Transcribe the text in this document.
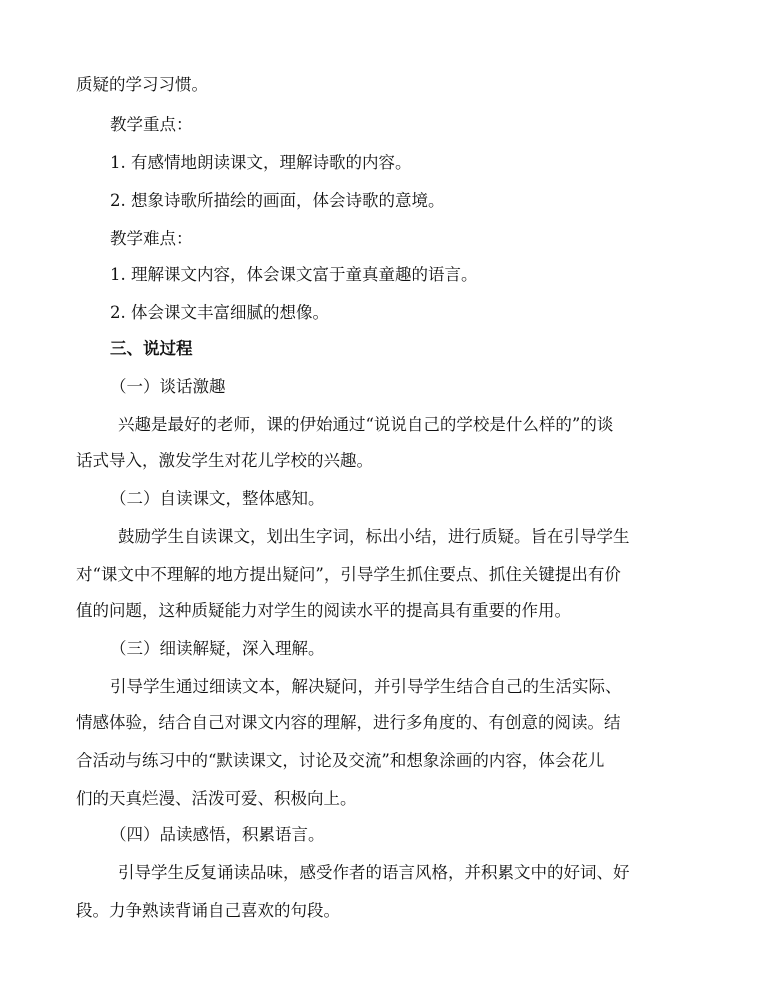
质疑的学习习惯。
教学重点：
1. 有感情地朗读课文，理解诗歌的内容。
2. 想象诗歌所描绘的画面，体会诗歌的意境。
教学难点：
1. 理解课文内容，体会课文富于童真童趣的语言。
2. 体会课文丰富细腻的想像。
三、说过程
（一）谈话激趣
兴趣是最好的老师，课的伊始通过“说说自己的学校是什么样的”的谈
话式导入，激发学生对花儿学校的兴趣。
（二）自读课文，整体感知。
鼓励学生自读课文，划出生字词，标出小结，进行质疑。旨在引导学生
对“课文中不理解的地方提出疑问”，引导学生抓住要点、抓住关键提出有价
值的问题，这种质疑能力对学生的阅读水平的提高具有重要的作用。
（三）细读解疑，深入理解。
引导学生通过细读文本，解决疑问，并引导学生结合自己的生活实际、
情感体验，结合自己对课文内容的理解，进行多角度的、有创意的阅读。结
合活动与练习中的“默读课文，讨论及交流”和想象涂画的内容，体会花儿
们的天真烂漫、活泼可爱、积极向上。
（四）品读感悟，积累语言。
引导学生反复诵读品味，感受作者的语言风格，并积累文中的好词、好
段。力争熟读背诵自己喜欢的句段。
